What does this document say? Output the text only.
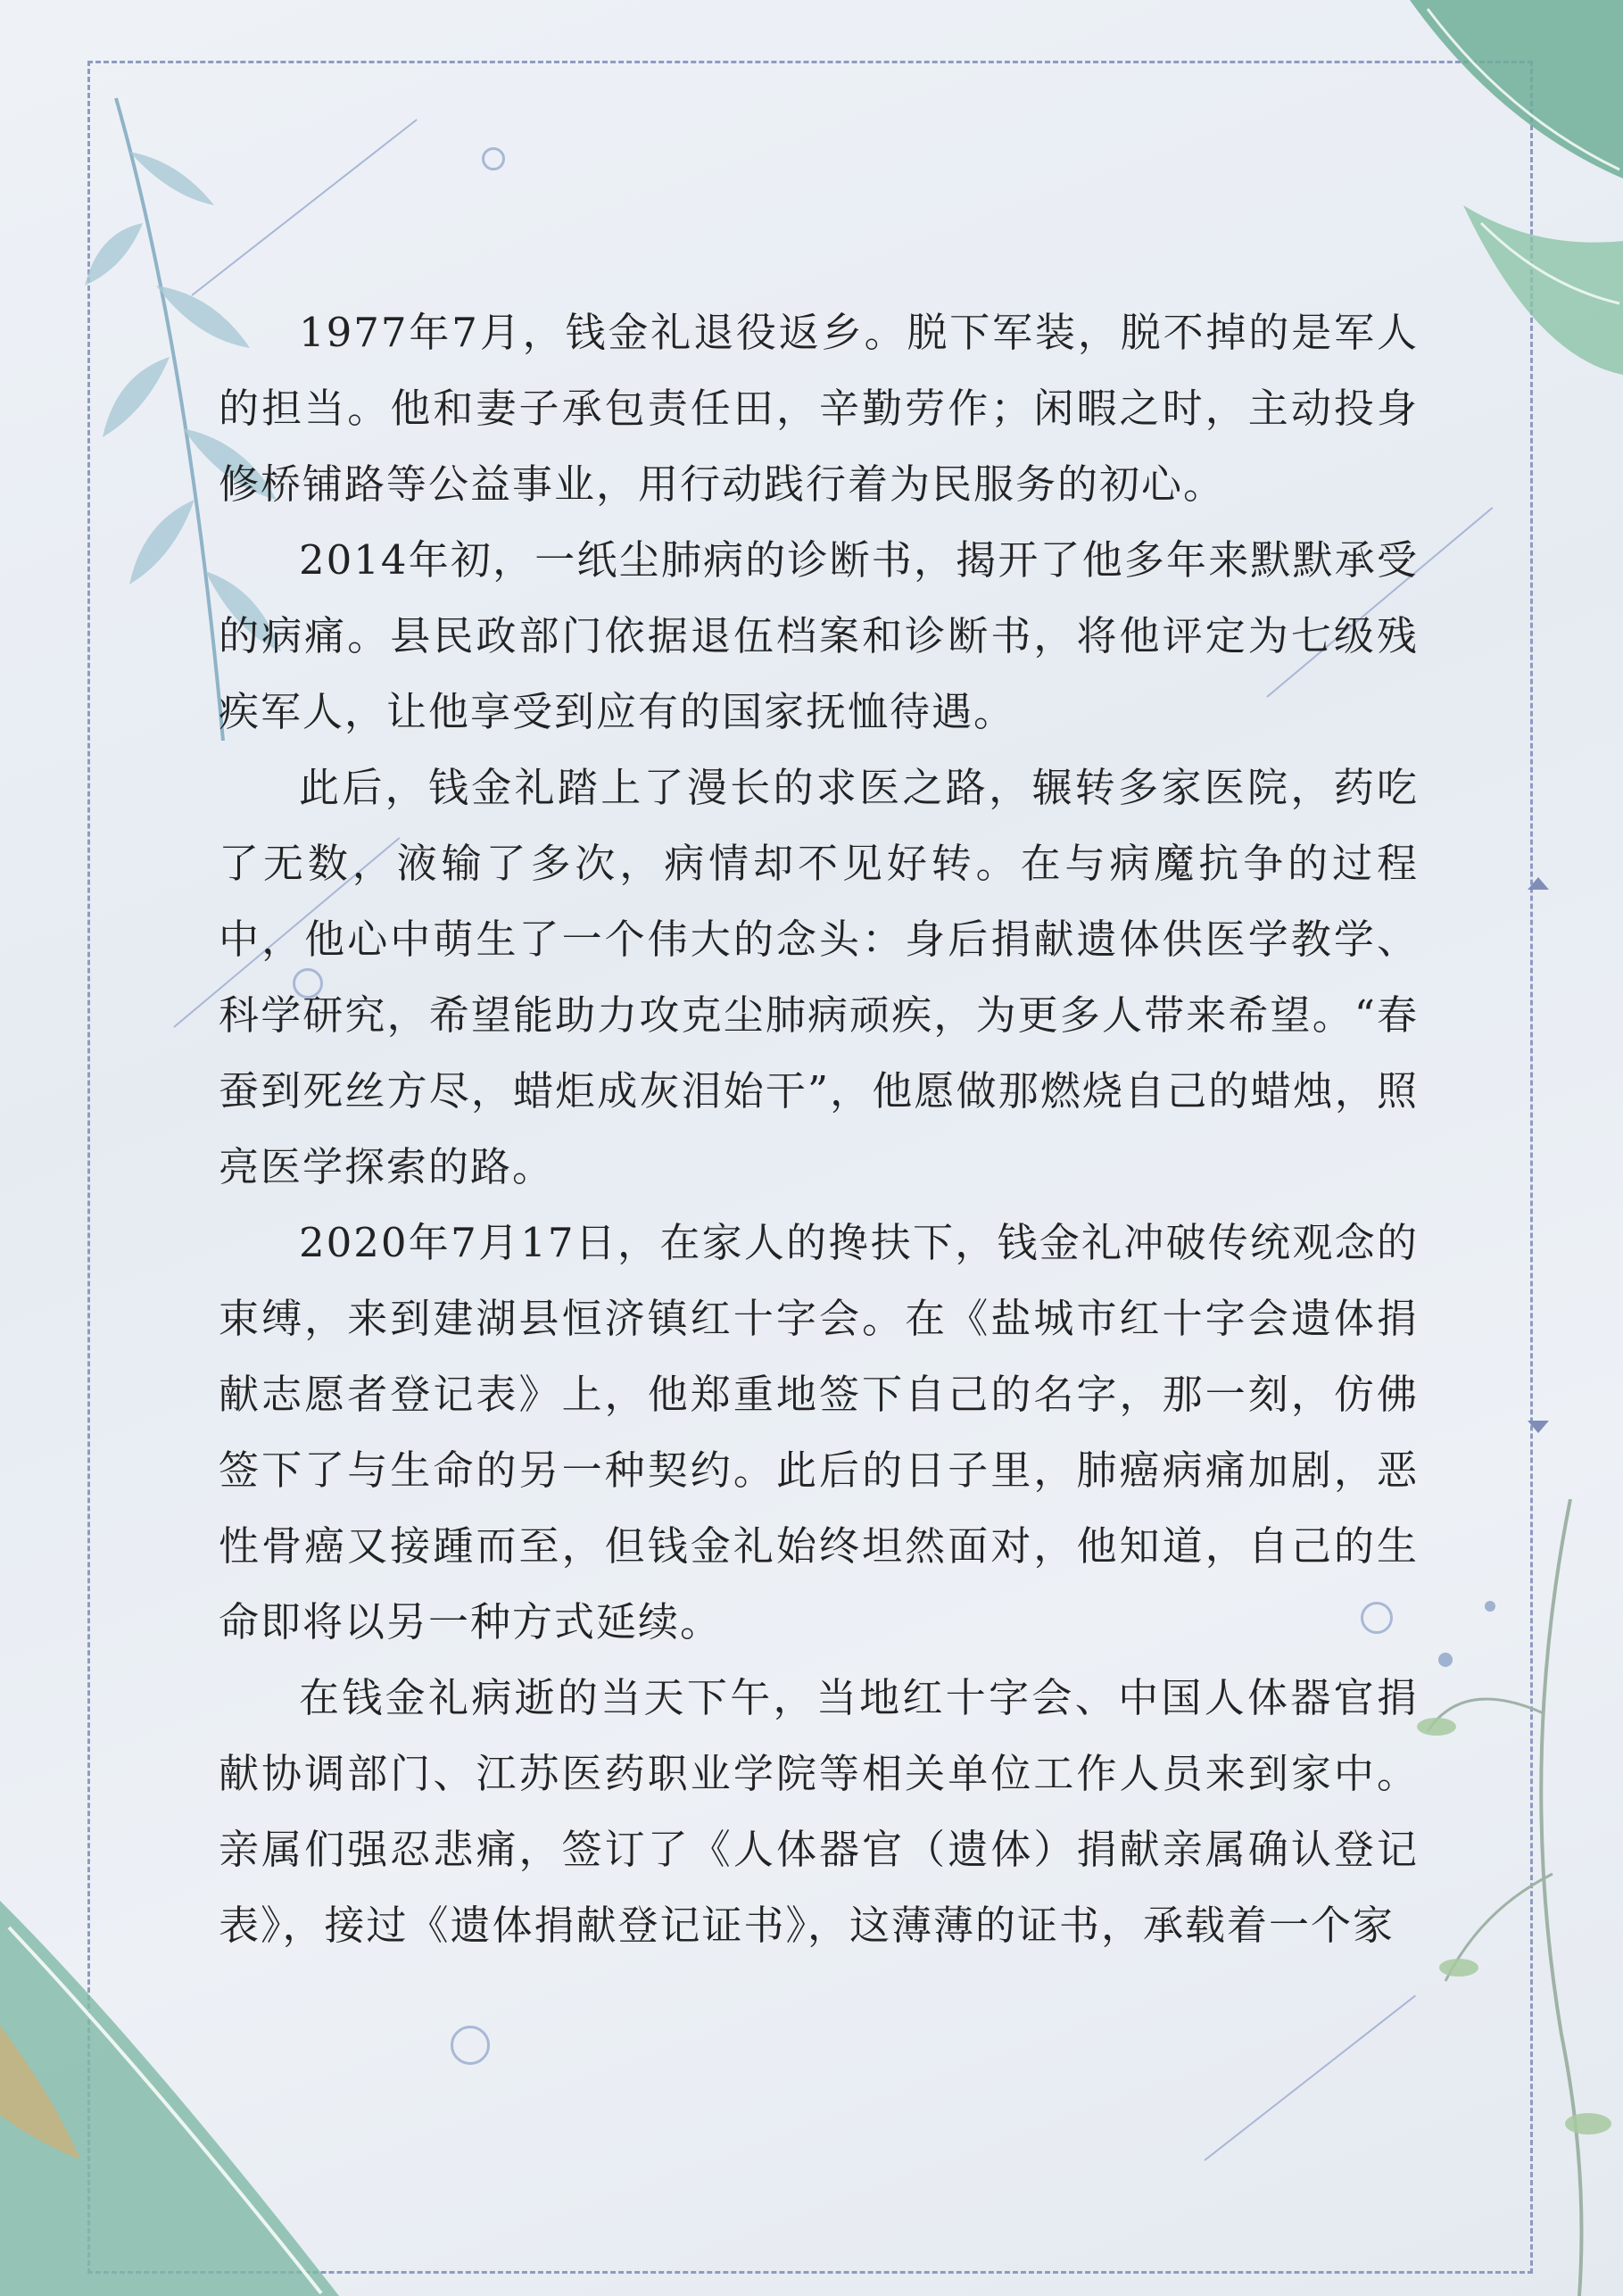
1977年7月，钱金礼退役返乡。脱下军装，脱不掉的是军人的担当。他和妻子承包责任田，辛勤劳作；闲暇之时，主动投身修桥铺路等公益事业，用行动践行着为民服务的初心。

2014年初，一纸尘肺病的诊断书，揭开了他多年来默默承受的病痛。县民政部门依据退伍档案和诊断书，将他评定为七级残疾军人，让他享受到应有的国家抚恤待遇。

此后，钱金礼踏上了漫长的求医之路，辗转多家医院，药吃了无数，液输了多次，病情却不见好转。在与病魔抗争的过程中，他心中萌生了一个伟大的念头：身后捐献遗体供医学教学、科学研究，希望能助力攻克尘肺病顽疾，为更多人带来希望。“春蚕到死丝方尽，蜡炬成灰泪始干”，他愿做那燃烧自己的蜡烛，照亮医学探索的路。

2020年7月17日，在家人的搀扶下，钱金礼冲破传统观念的束缚，来到建湖县恒济镇红十字会。在《盐城市红十字会遗体捐献志愿者登记表》上，他郑重地签下自己的名字，那一刻，仿佛签下了与生命的另一种契约。此后的日子里，肺癌病痛加剧，恶性骨癌又接踵而至，但钱金礼始终坦然面对，他知道，自己的生命即将以另一种方式延续。

在钱金礼病逝的当天下午，当地红十字会、中国人体器官捐献协调部门、江苏医药职业学院等相关单位工作人员来到家中。亲属们强忍悲痛，签订了《人体器官（遗体）捐献亲属确认登记表》，接过《遗体捐献登记证书》，这薄薄的证书，承载着一个家
